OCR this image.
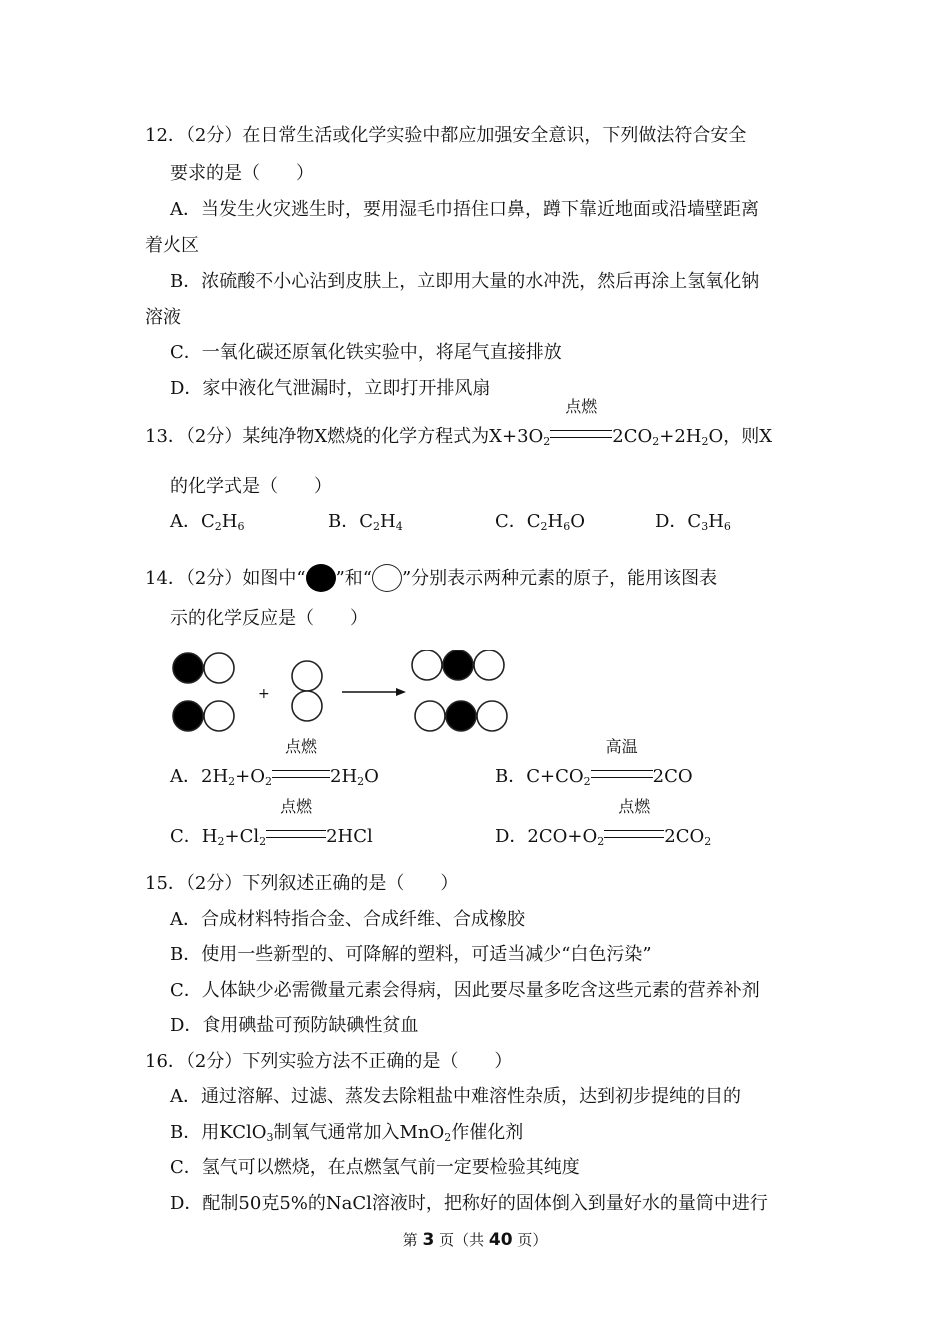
12．（2分）在日常生活或化学实验中都应加强安全意识，下列做法符合安全
要求的是（　　）
A．当发生火灾逃生时，要用湿毛巾捂住口鼻，蹲下靠近地面或沿墙壁距离
着火区
B．浓硫酸不小心沾到皮肤上，立即用大量的水冲洗，然后再涂上氢氧化钠
溶液
C．一氧化碳还原氧化铁实验中，将尾气直接排放
D．家中液化气泄漏时，立即打开排风扇
13．（2分）某纯净物X燃烧的化学方程式为$X+3O_2$
点燃
$2CO_2+2H_2O$，则X
的化学式是（　　）
A．$C_2H_6$	B．$C_2H_4$	C．$C_2H_6O$	D．$C_3H_6$
14．（2分）如图中“ ”和“ ”分别表示两种元素的原子，能用该图表
示的化学反应是（　　）
+
A．$2H_2+O_2$
点燃
$2H_2O$	B．$C+CO_2$
高温
2CO
C．$H_2+Cl_2$
点燃
2HCl	D．$2CO+O_2$
点燃
$2CO_2$
15．（2分）下列叙述正确的是（　　）
A．合成材料特指合金、合成纤维、合成橡胶
B．使用一些新型的、可降解的塑料，可适当减少“白色污染”
C．人体缺少必需微量元素会得病，因此要尽量多吃含这些元素的营养补剂
D．食用碘盐可预防缺碘性贫血
16．（2分）下列实验方法不正确的是（　　）
A．通过溶解、过滤、蒸发去除粗盐中难溶性杂质，达到初步提纯的目的
B．用KClO$_3$制氧气通常加入MnO$_2$作催化剂
C．氢气可以燃烧，在点燃氢气前一定要检验其纯度
D．配制50克5%的NaCl溶液时，把称好的固体倒入到量好水的量筒中进行
第 3 页（共 40 页）
